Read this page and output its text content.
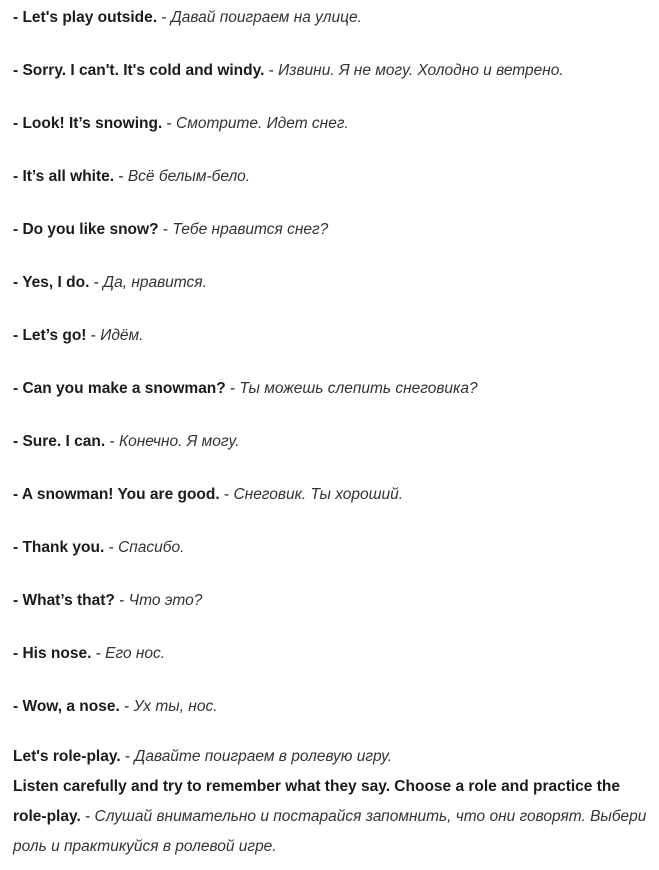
- Let's play outside. - Давай поиграем на улице.
- Sorry. I can't. It's cold and windy. - Извини. Я не могу. Холодно и ветрено.
- Look! It’s snowing. - Смотрите. Идет снег.
- It’s all white. - Всё белым-бело.
- Do you like snow? - Тебе нравится снег?
- Yes, I do. - Да, нравится.
- Let’s go! - Идём.
- Can you make a snowman? - Ты можешь слепить снеговика?
- Sure. I can. - Конечно. Я могу.
- A snowman! You are good. - Снеговик. Ты хороший.
- Thank you. - Спасибо.
- What’s that? - Что это?
- His nose. - Его нос.
- Wow, a nose. - Ух ты, нос.
Let's role-play. - Давайте поиграем в ролевую игру.
Listen carefully and try to remember what they say. Choose a role and practice the role-play. - Слушай внимательно и постарайся запомнить, что они говорят. Выбери роль и практикуйся в ролевой игре.
